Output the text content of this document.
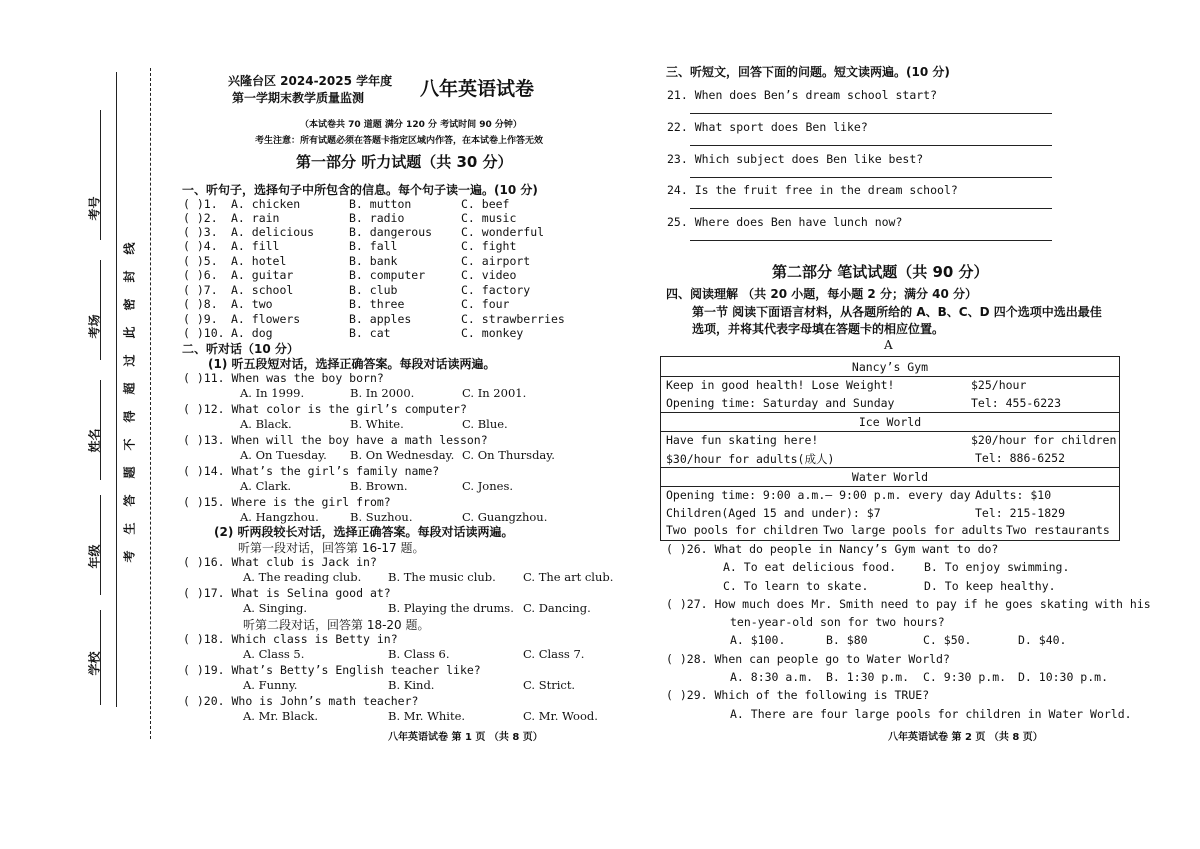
考号
考场
姓名
年级
学校
线
封
密
此
过
超
得
不
题
答
生
考
兴隆台区 2024-2025 学年度
第一学期末教学质量监测	八年英语试卷
（本试卷共 70 道题 满分 120 分 考试时间 90 分钟）
考生注意：所有试题必须在答题卡指定区域内作答，在本试卷上作答无效
第一部分 听力试题（共 30 分）
一、听句子，选择句子中所包含的信息。每个句子读一遍。(10 分)
( )1. A. chicken	B. mutton	C. beef
( )2. A. rain	B. radio	C. music
( )3. A. delicious	B. dangerous	C. wonderful
( )4. A. fill	B. fall	C. fight
( )5. A. hotel	B. bank	C. airport
( )6. A. guitar	B. computer	C. video
( )7. A. school	B. club	C. factory
( )8. A. two	B. three	C. four
( )9. A. flowers	B. apples	C. strawberries
( )10. A. dog	B. cat	C. monkey
二、听对话（10 分）
(1) 听五段短对话，选择正确答案。每段对话读两遍。
( )11. When was the boy born?
A. In 1999.	B. In 2000.	C. In 2001.
( )12. What color is the girl’s computer?
A. Black.	B. White.	C. Blue.
( )13. When will the boy have a math lesson?
A. On Tuesday. B. On Wednesday. C. On Thursday.
( )14. What’s the girl’s family name?
A. Clark.	B. Brown.	C. Jones.
( )15. Where is the girl from?
A. Hangzhou.	B. Suzhou.	C. Guangzhou.
(2) 听两段较长对话，选择正确答案。每段对话读两遍。
听第一段对话，回答第 16-17 题。
( )16. What club is Jack in?
A. The reading club. B. The music club. C. The art club.
( )17. What is Selina good at?
A. Singing.	B. Playing the drums. C. Dancing.
听第二段对话，回答第 18-20 题。
( )18. Which class is Betty in?
A. Class 5.	B. Class 6.	C. Class 7.
( )19. What’s Betty’s English teacher like?
A. Funny.	B. Kind.	C. Strict.
( )20. Who is John’s math teacher?
A. Mr. Black.	B. Mr. White.	C. Mr. Wood.
八年英语试卷 第 1 页 （共 8 页）
三、听短文，回答下面的问题。短文读两遍。(10 分)
21. When does Ben’s dream school start?
22. What sport does Ben like?
23. Which subject does Ben like best?
24. Is the fruit free in the dream school?
25. Where does Ben have lunch now?
第二部分 笔试试题（共 90 分）
四、阅读理解 （共 20 小题，每小题 2 分；满分 40 分）
第一节 阅读下面语言材料，从各题所给的 A、B、C、D 四个选项中选出最佳
选项，并将其代表字母填在答题卡的相应位置。
A
Nancy’s Gym
Keep in good health! Lose Weight!	$25/hour
Opening time: Saturday and Sunday	Tel: 455-6223
Ice World
Have fun skating here!	$20/hour for children
$30/hour for adults(成人)	Tel: 886-6252
Water World
Opening time: 9:00 a.m.– 9:00 p.m. every day Adults: $10
Children(Aged 15 and under): $7	Tel: 215-1829
Two pools for children Two large pools for adults Two restaurants
( )26. What do people in Nancy’s Gym want to do?
A. To eat delicious food. B. To enjoy swimming.
C. To learn to skate.	D. To keep healthy.
( )27. How much does Mr. Smith need to pay if he goes skating with his
ten-year-old son for two hours?
A. $100.	B. $80	C. $50.	D. $40.
( )28. When can people go to Water World?
A. 8:30 a.m. B. 1:30 p.m. C. 9:30 p.m. D. 10:30 p.m.
( )29. Which of the following is TRUE?
A. There are four large pools for children in Water World.
八年英语试卷 第 2 页 （共 8 页）
